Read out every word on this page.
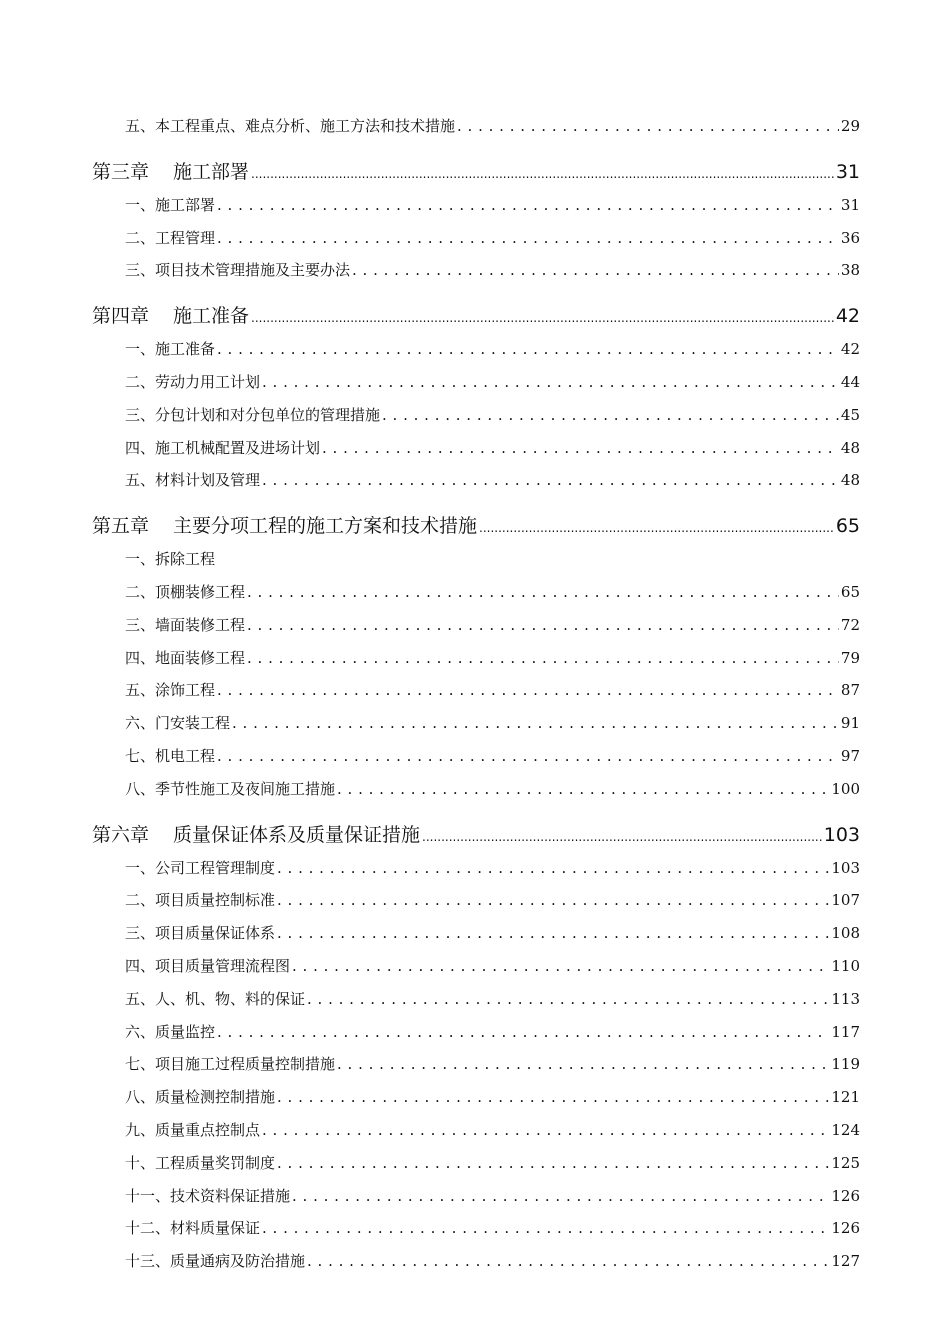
五、本工程重点、难点分析、施工方法和技术措施 . . .	29
第三章 施工部署 .....	31
一、施工部署 . . .	31
二、工程管理 . . .	36
三、项目技术管理措施及主要办法 . . .	38
第四章 施工准备 .....	42
一、施工准备 . . .	42
二、劳动力用工计划 . . .	44
三、分包计划和对分包单位的管理措施 . . .	45
四、施工机械配置及进场计划 . . .	48
五、材料计划及管理 . . .	48
第五章 主要分项工程的施工方案和技术措施 .....	65
一、拆除工程
二、顶棚装修工程 . . .	65
三、墙面装修工程 . . .	72
四、地面装修工程 . . .	79
五、涂饰工程 . . .	87
六、门安装工程 . . .	91
七、机电工程 . . .	97
八、季节性施工及夜间施工措施 . . .	100
第六章 质量保证体系及质量保证措施 .....	103
一、公司工程管理制度 . . .	103
二、项目质量控制标准 . . .	107
三、项目质量保证体系 . . .	108
四、项目质量管理流程图 . . .	110
五、人、机、物、料的保证 . . .	113
六、质量监控 . . .	117
七、项目施工过程质量控制措施 . . .	119
八、质量检测控制措施 . . .	121
九、质量重点控制点 . . .	124
十、工程质量奖罚制度 . . .	125
十一、技术资料保证措施 . . .	126
十二、材料质量保证 . . .	126
十三、质量通病及防治措施 . . .	127
